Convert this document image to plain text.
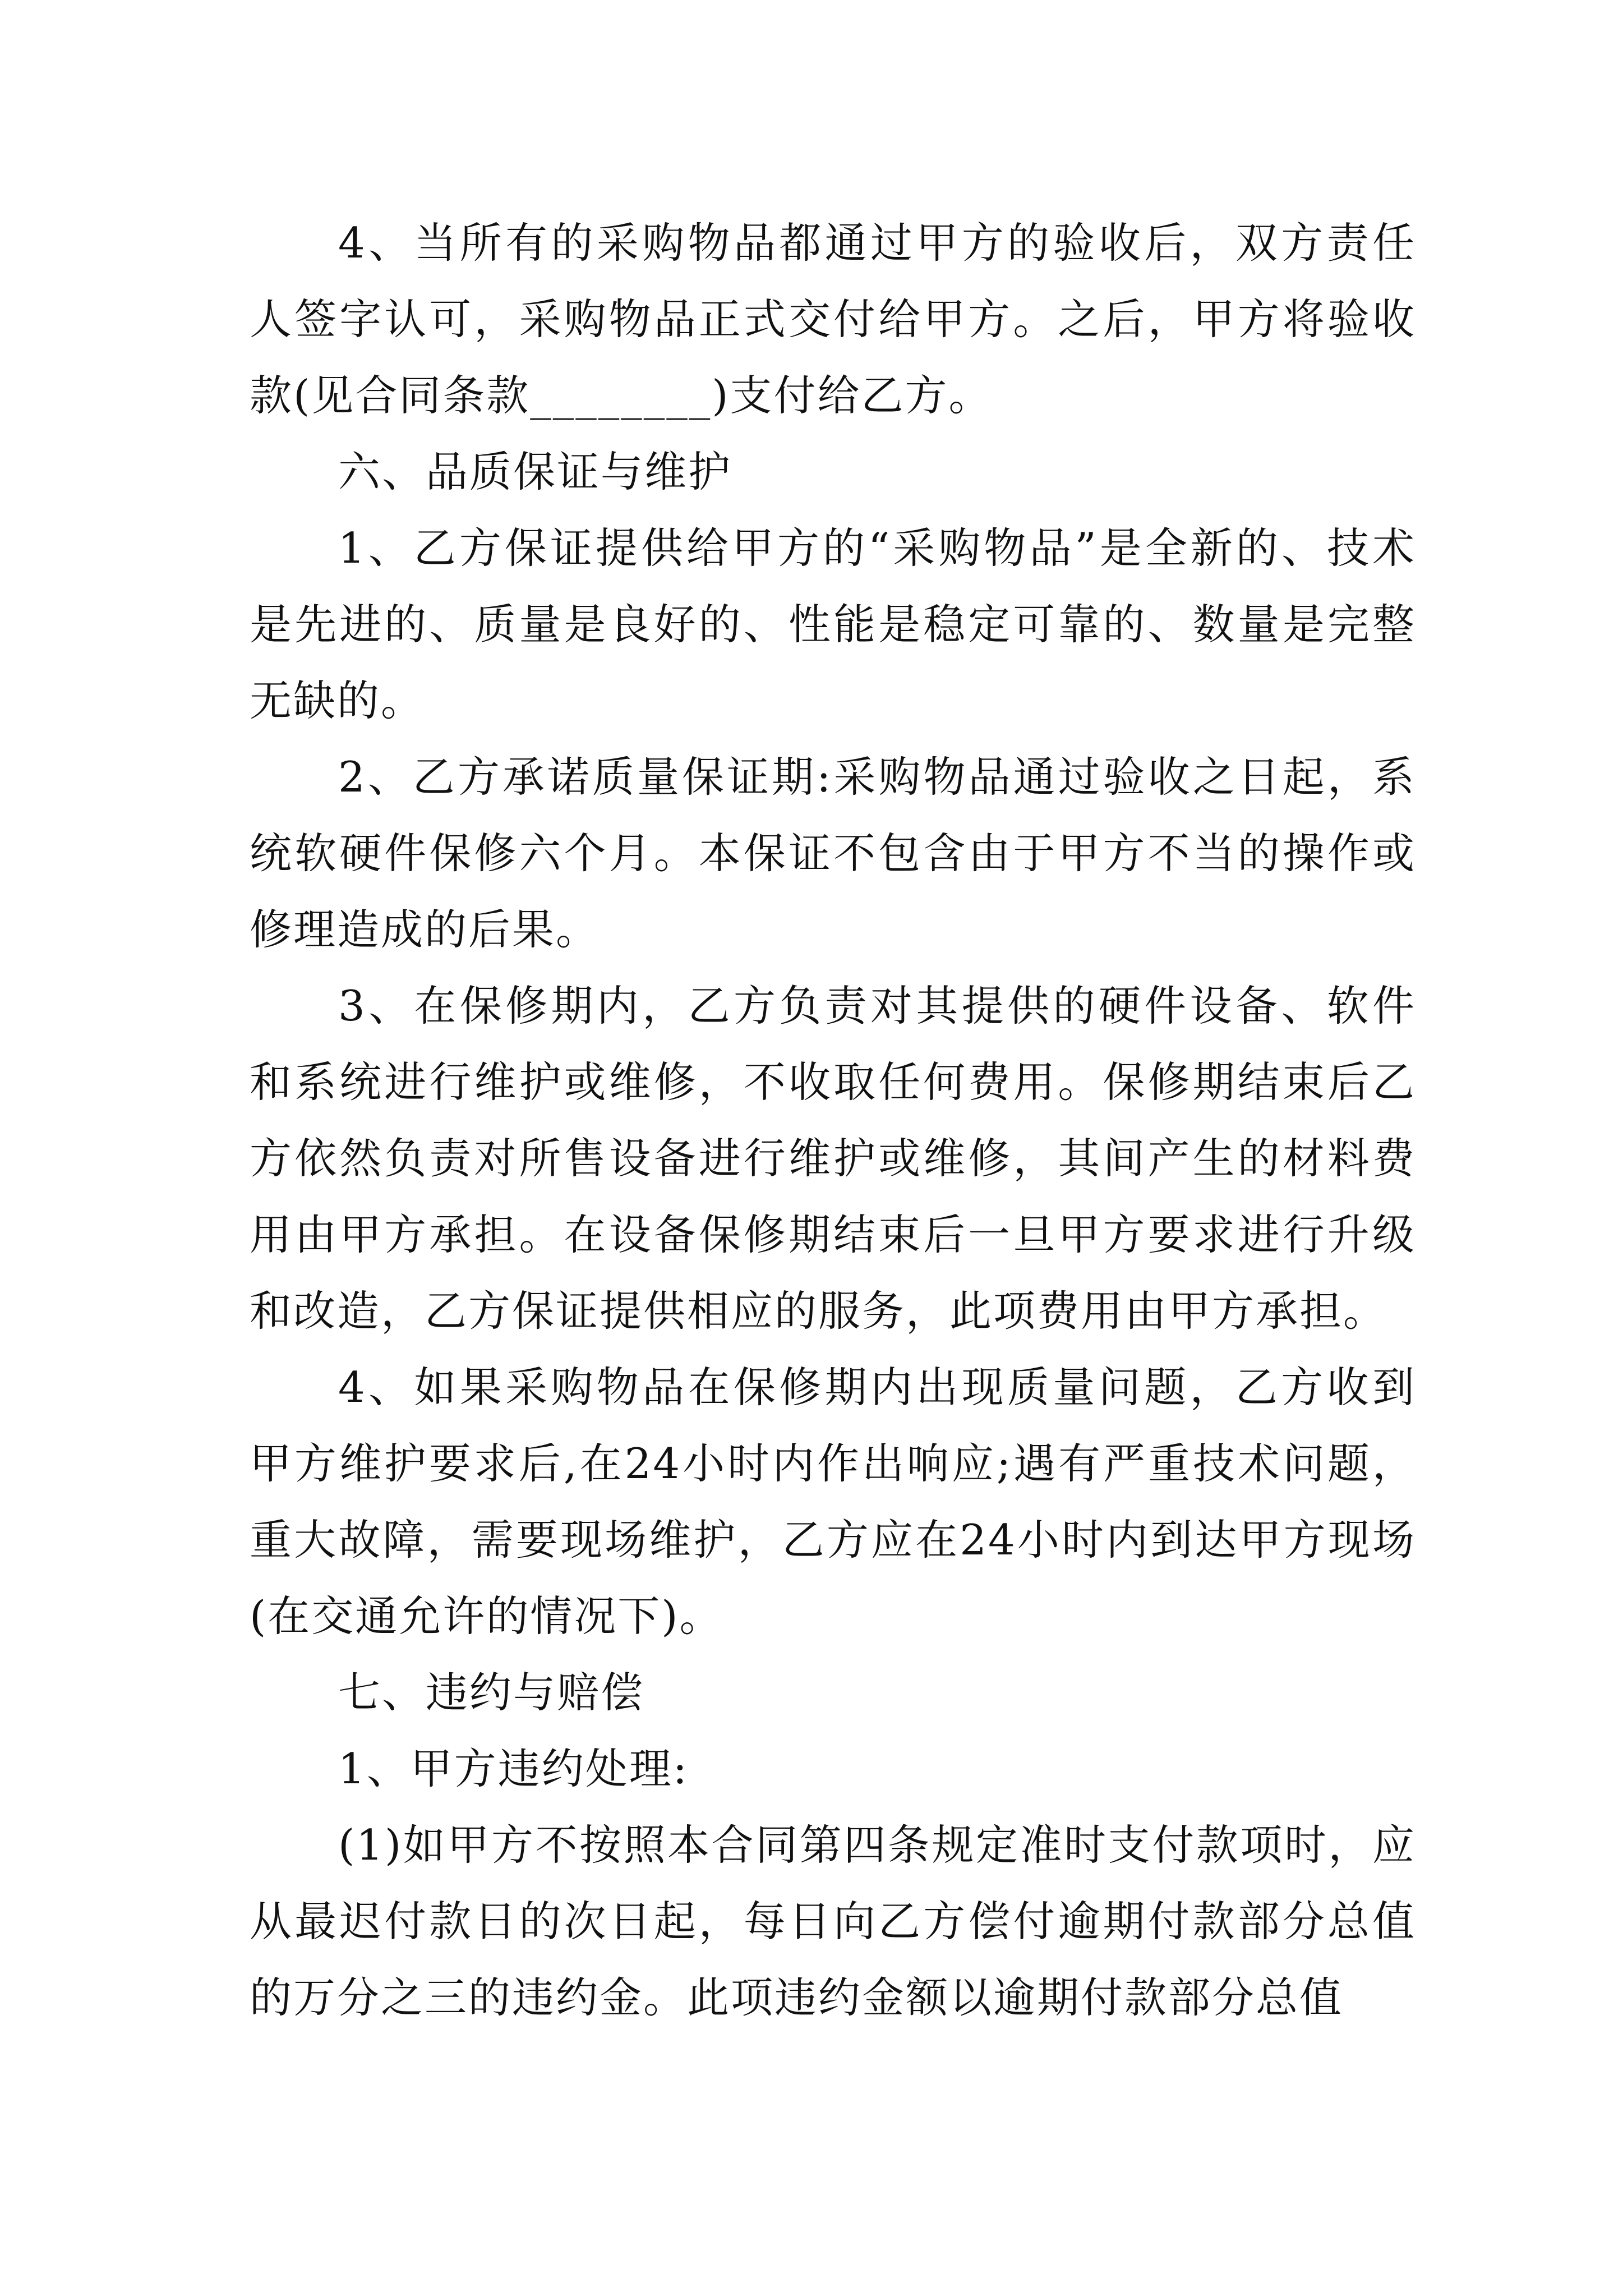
4、当所有的采购物品都通过甲方的验收后，双方责任人签字认可，采购物品正式交付给甲方。之后，甲方将验收款(见合同条款________)支付给乙方。

六、品质保证与维护

1、乙方保证提供给甲方的“采购物品”是全新的、技术是先进的、质量是良好的、性能是稳定可靠的、数量是完整无缺的。

2、乙方承诺质量保证期:采购物品通过验收之日起，系统软硬件保修六个月。本保证不包含由于甲方不当的操作或修理造成的后果。

3、在保修期内，乙方负责对其提供的硬件设备、软件和系统进行维护或维修，不收取任何费用。保修期结束后乙方依然负责对所售设备进行维护或维修，其间产生的材料费用由甲方承担。在设备保修期结束后一旦甲方要求进行升级和改造，乙方保证提供相应的服务，此项费用由甲方承担。

4、如果采购物品在保修期内出现质量问题，乙方收到甲方维护要求后,在24小时内作出响应;遇有严重技术问题，重大故障，需要现场维护，乙方应在24小时内到达甲方现场(在交通允许的情况下)。

七、违约与赔偿

1、甲方违约处理:

(1)如甲方不按照本合同第四条规定准时支付款项时，应从最迟付款日的次日起，每日向乙方偿付逾期付款部分总值的万分之三的违约金。此项违约金额以逾期付款部分总值
